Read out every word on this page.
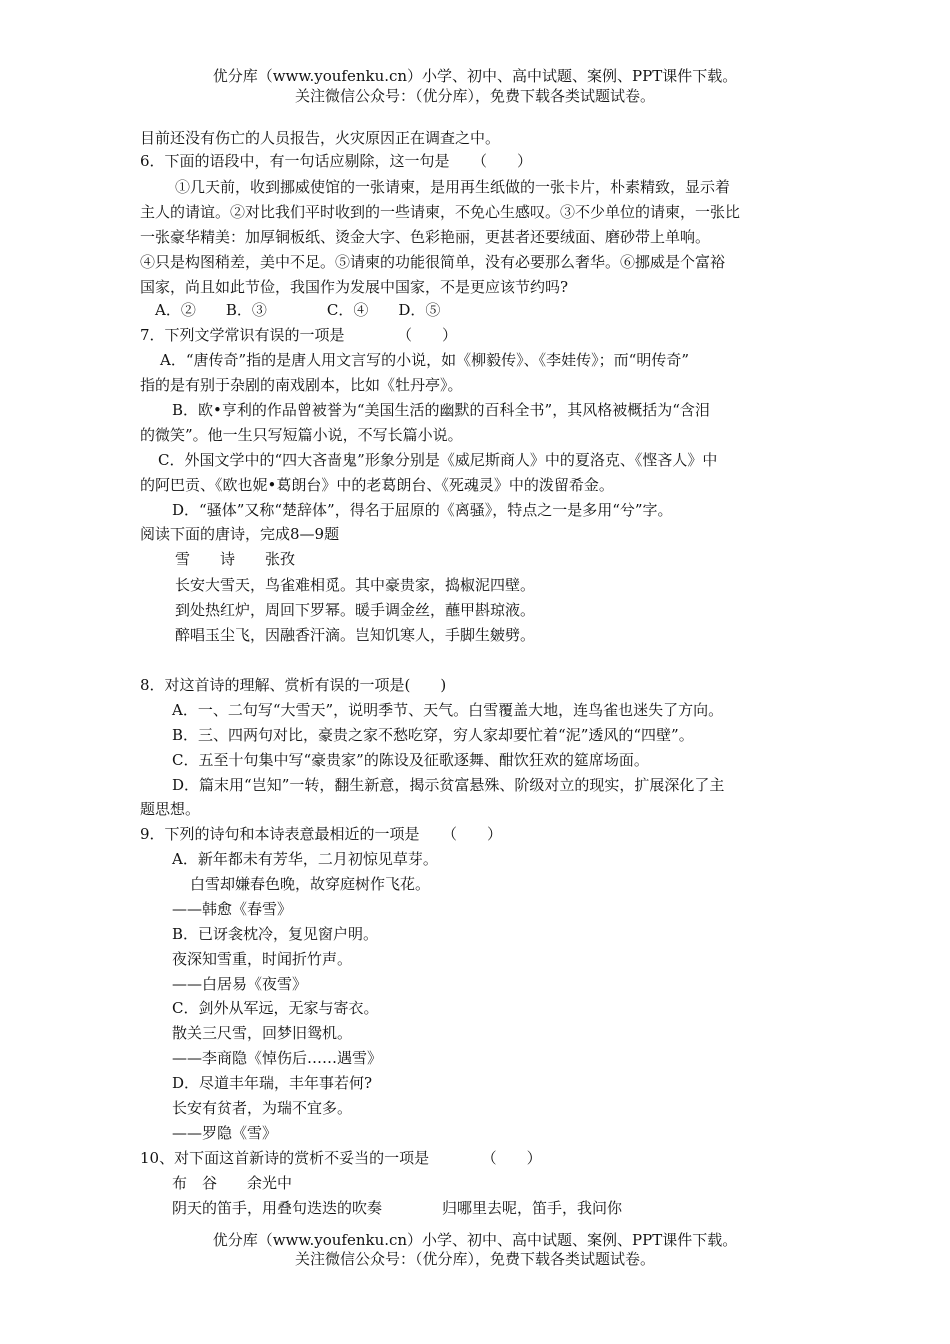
优分库（www.youfenku.cn）小学、初中、高中试题、案例、PPT课件下载。
关注微信公众号：（优分库），免费下载各类试题试卷。
目前还没有伤亡的人员报告，火灾原因正在调查之中。
6．下面的语段中，有一句话应剔除，这一句是　　（　　）
①几天前，收到挪威使馆的一张请柬，是用再生纸做的一张卡片，朴素精致，显示着
主人的请谊。②对比我们平时收到的一些请柬，不免心生感叹。③不少单位的请柬，一张比
一张豪华精美：加厚铜板纸、烫金大字、色彩艳丽，更甚者还要绒面、磨砂带上单响。
④只是构图稍差，美中不足。⑤请柬的功能很简单，没有必要那么奢华。⑥挪威是个富裕
国家，尚且如此节俭，我国作为发展中国家，不是更应该节约吗?
A．②　　B．③　　　　C．④　　D．⑤
7．下列文学常识有误的一项是　　　　（　　）
A．“唐传奇”指的是唐人用文言写的小说，如《柳毅传》、《李娃传》；而“明传奇”
指的是有别于杂剧的南戏剧本，比如《牡丹亭》。
B．欧•亨利的作品曾被誉为“美国生活的幽默的百科全书”，其风格被概括为“含泪
的微笑”。他一生只写短篇小说，不写长篇小说。
C．外国文学中的“四大吝啬鬼”形象分别是《威尼斯商人》中的夏洛克、《悭吝人》中
的阿巴贡、《欧也妮•葛朗台》中的老葛朗台、《死魂灵》中的泼留希金。
D．“骚体”又称“楚辞体”，得名于屈原的《离骚》，特点之一是多用“兮”字。
阅读下面的唐诗，完成8—9题
雪　　诗　　张孜
长安大雪天，鸟雀难相觅。其中豪贵家，捣椒泥四壁。
到处热红炉，周回下罗幂。暖手调金丝，蘸甲斟琼液。
醉唱玉尘飞，因融香汗滴。岂知饥寒人，手脚生皴劈。
8．对这首诗的理解、赏析有误的一项是(　　)
A．一、二句写“大雪天”，说明季节、天气。白雪覆盖大地，连鸟雀也迷失了方向。
B．三、四两句对比，豪贵之家不愁吃穿，穷人家却要忙着“泥”透风的“四壁”。
C．五至十句集中写“豪贵家”的陈设及征歌逐舞、酣饮狂欢的筵席场面。
D．篇末用“岂知”一转，翻生新意，揭示贫富悬殊、阶级对立的现实，扩展深化了主
题思想。
9．下列的诗句和本诗表意最相近的一项是　　（　　）
A．新年都未有芳华，二月初惊见草芽。
白雪却嫌春色晚，故穿庭树作飞花。
——韩愈《春雪》
B．已讶衾枕冷，复见窗户明。
夜深知雪重，时闻折竹声。
——白居易《夜雪》
C．剑外从军远，无家与寄衣。
散关三尺雪，回梦旧鸳机。
——李商隐《悼伤后……遇雪》
D．尽道丰年瑞，丰年事若何?
长安有贫者，为瑞不宜多。
——罗隐《雪》
10、对下面这首新诗的赏析不妥当的一项是　　　　（　　）
布　谷　　余光中
阴天的笛手，用叠句迭迭的吹奏　　　　归哪里去呢，笛手，我问你
优分库（www.youfenku.cn）小学、初中、高中试题、案例、PPT课件下载。
关注微信公众号：（优分库），免费下载各类试题试卷。
